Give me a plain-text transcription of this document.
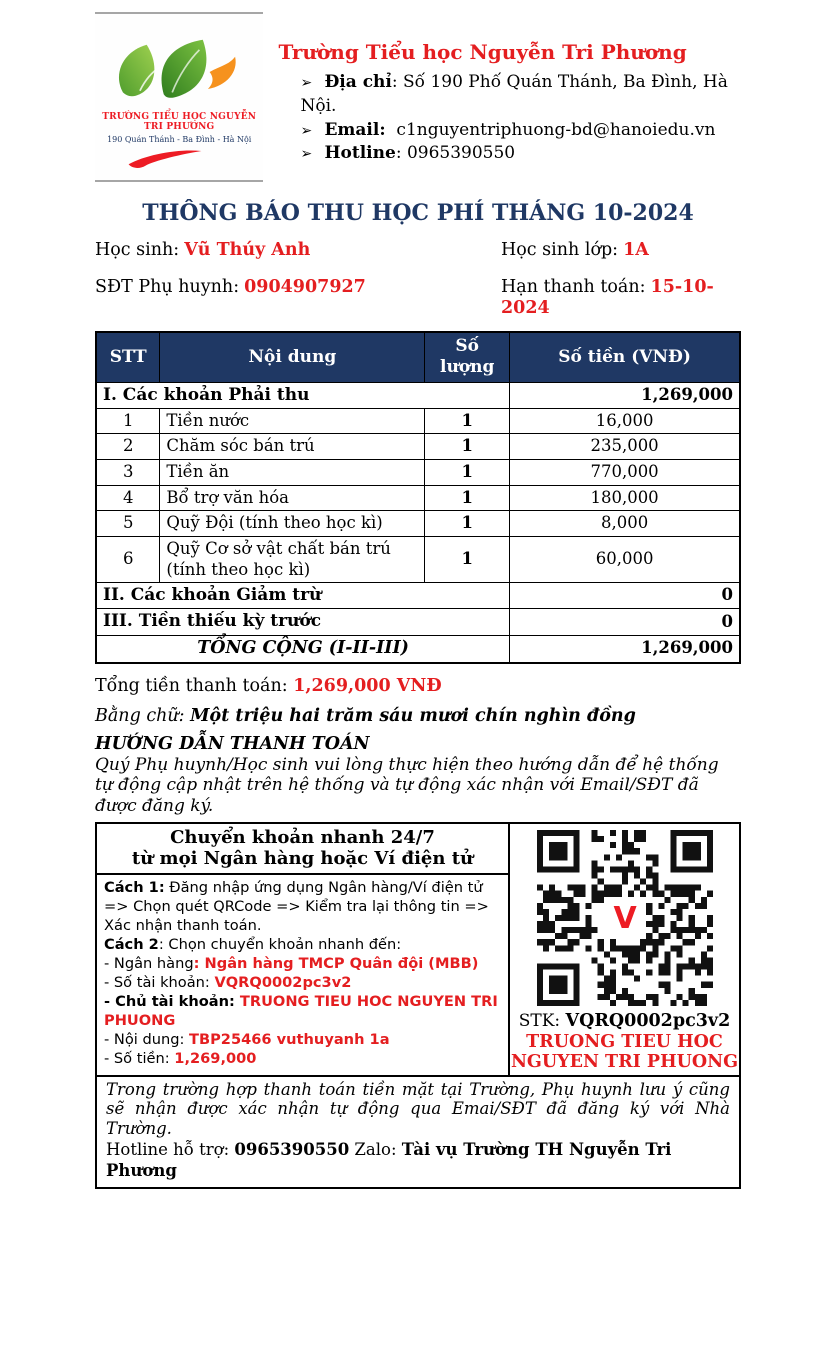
TRƯỜNG TIỂU HỌC NGUYỄN TRI PHƯƠNG
190 Quán Thánh - Ba Đình - Hà Nội
Trường Tiểu học Nguyễn Tri Phương
➢ Địa chỉ: Số 190 Phố Quán Thánh, Ba Đình, Hà Nội.
➢ Email:  c1nguyentriphuong-bd@hanoiedu.vn
➢ Hotline: 0965390550
THÔNG BÁO THU HỌC PHÍ THÁNG 10-2024
Học sinh: Vũ Thúy Anh	Học sinh lớp: 1A
SĐT Phụ huynh: 0904907927	Hạn thanh toán: 15-10-2024
STT	Nội dung	Số lượng	Số tiền (VNĐ)
I. Các khoản Phải thu			1,269,000
1	Tiền nước	1	16,000
2	Chăm sóc bán trú	1	235,000
3	Tiền ăn	1	770,000
4	Bổ trợ văn hóa	1	180,000
5	Quỹ Đội (tính theo học kì)	1	8,000
6	Quỹ Cơ sở vật chất bán trú (tính theo học kì)	1	60,000
II. Các khoản Giảm trừ			0
III. Tiền thiếu kỳ trước			0
TỔNG CỘNG (I-II-III)			1,269,000
Tổng tiền thanh toán: 1,269,000 VNĐ
Bằng chữ: Một triệu hai trăm sáu mươi chín nghìn đồng
HƯỚNG DẪN THANH TOÁN
Quý Phụ huynh/Học sinh vui lòng thực hiện theo hướng dẫn để hệ thống tự động cập nhật trên hệ thống và tự động xác nhận với Email/SĐT đã được đăng ký.
Chuyển khoản nhanh 24/7
từ mọi Ngân hàng hoặc Ví điện tử
Cách 1: Đăng nhập ứng dụng Ngân hàng/Ví điện tử => Chọn quét QRCode => Kiểm tra lại thông tin => Xác nhận thanh toán.
Cách 2: Chọn chuyển khoản nhanh đến:
- Ngân hàng: Ngân hàng TMCP Quân đội (MBB)
- Số tài khoản: VQRQ0002pc3v2
- Chủ tài khoản: TRUONG TIEU HOC NGUYEN TRI PHUONG
- Nội dung: TBP25466 vuthuyanh 1a
- Số tiền: 1,269,000
STK: VQRQ0002pc3v2
TRUONG TIEU HOC NGUYEN TRI PHUONG
Trong trường hợp thanh toán tiền mặt tại Trường, Phụ huynh lưu ý cũng sẽ nhận được xác nhận tự động qua Emai/SĐT đã đăng ký với Nhà Trường.
Hotline hỗ trợ: 0965390550 Zalo: Tài vụ Trường TH Nguyễn Tri Phương
